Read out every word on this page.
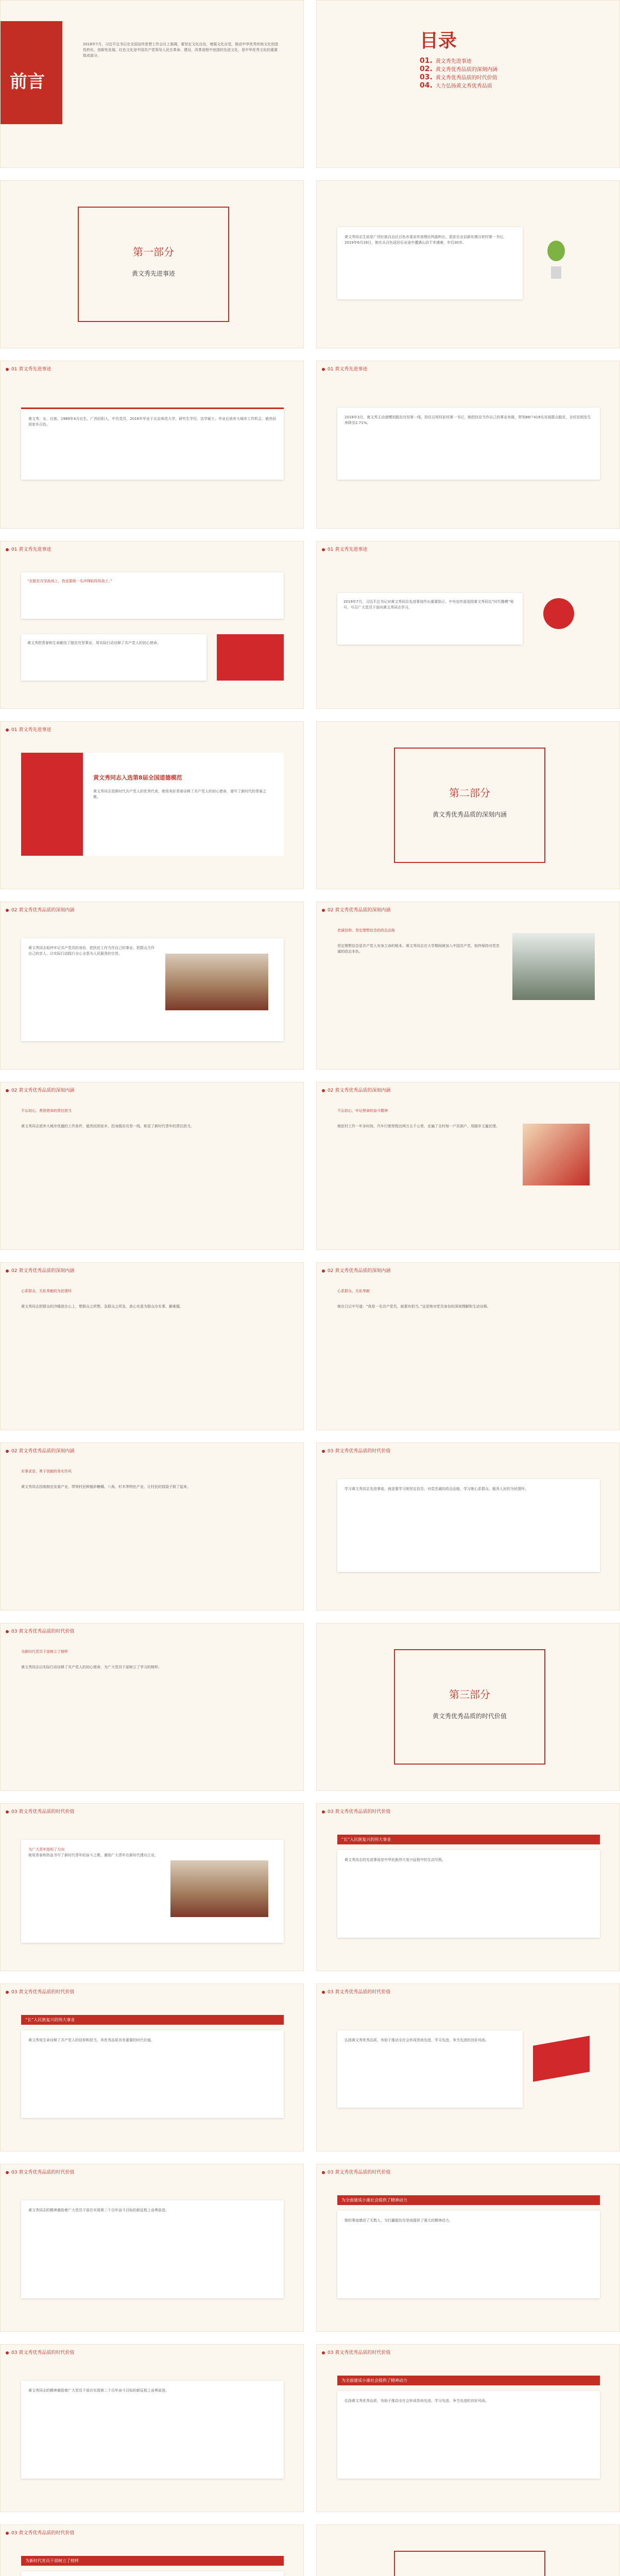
前言
2018年7月，习近平总书记在全国宣传思想工作会议上强调，要坚定文化自信，增强文化自觉，推动中华优秀传统文化创造性转化、创新性发展。红色文化是中国共产党领导人民在革命、建设、改革进程中创造的先进文化，是中华优秀文化的重要组成部分。
目录
01. 黄文秀先进事迹
02. 黄文秀优秀品质的深刻内涵
03. 黄文秀优秀品质的时代价值
04. 大力弘扬黄文秀优秀品质
第一部分
黄文秀先进事迹
黄文秀同志生前是广西壮族自治区百色市委宣传部理论科副科长、派驻乐业县新化镇百坭村第一书记。2019年6月16日，她在从百色返回乐业途中遭遇山洪不幸遇难，年仅30岁。
01 黄文秀先进事迹
黄文秀，女，壮族，1989年4月出生，广西田阳人，中共党员，2016年毕业于北京师范大学，研究生学历，法学硕士。毕业后放弃大城市工作机会，毅然回到家乡百色。
01 黄文秀先进事迹
2018年3月，黄文秀主动请缨到脱贫攻坚第一线，担任百坭村驻村第一书记，她把扶贫当作自己的事业来做，带领88户418名贫困群众脱贫，全村贫困发生率降至2.71%。
01 黄文秀先进事迹
“在脱贫攻坚战场上，我也要做一名冲锋陷阵的战士。”
黄文秀把青春和生命献给了脱贫攻坚事业，用实际行动诠释了共产党人的初心使命。
01 黄文秀先进事迹
2019年7月，习近平总书记对黄文秀同志先进事迹作出重要指示。中央宣传部追授黄文秀同志“时代楷模”称号，号召广大党员干部向黄文秀同志学习。
01 黄文秀先进事迹
黄文秀同志入选第8届全国道德模范
黄文秀同志是新时代共产党人的优秀代表，她用美好青春诠释了共产党人的初心使命，谱写了新时代的青春之歌。	第二部分
黄文秀优秀品质的深刻内涵
02 黄文秀优秀品质的深刻内涵
黄文秀同志始终牢记共产党员的身份，把扶贫工作当作自己的事业，把群众当作自己的亲人，以实际行动践行全心全意为人民服务的宗旨。
02 黄文秀优秀品质的深刻内涵
忠诚信仰、坚定理想信念的政治品格
坚定理想信念是共产党人安身立命的根本。黄文秀同志在大学期间就加入中国共产党，始终保持对党忠诚的政治本色。
02 黄文秀优秀品质的深刻内涵
不忘初心，勇担使命的责任担当
黄文秀同志放弃大城市优越的工作条件，毅然回到家乡，投身脱贫攻坚一线，彰显了新时代青年的责任担当。
02 黄文秀优秀品质的深刻内涵
不忘初心，牢记使命的奋斗精神
她驻村工作一年多时间，汽车行驶里程达两万五千公里，走遍了全村每一户贫困户，用脚步丈量民情。
02 黄文秀优秀品质的深刻内涵
心系群众，无私奉献的为民情怀
黄文秀同志把群众的冷暖放在心上，想群众之所想，急群众之所急，真心实意为群众办实事、解难题。
02 黄文秀优秀品质的深刻内涵
心系群众，无私奉献
她在日记中写道：“我是一名共产党员，就要有担当。”这是她对党员身份的深刻理解和生动诠释。
02 黄文秀优秀品质的深刻内涵
实事求是，勇于创新的务实作风
黄文秀同志因地制宜发展产业，带领村民种植砂糖橘、八角、杉木等特色产业，让村民的钱袋子鼓了起来。
03 黄文秀优秀品质的时代价值
学习黄文秀同志先进事迹，就是要学习她坚定信念、对党忠诚的政治品格，学习她心系群众、服务人民的为民情怀。
03 黄文秀优秀品质的时代价值
为新时代党员干部树立了榜样
黄文秀同志以实际行动诠释了共产党人的初心使命，为广大党员干部树立了学习的榜样。
第三部分
黄文秀优秀品质的时代价值
03 黄文秀优秀品质的时代价值
为广大青年指明了方向
她用青春和热血书写了新时代青年的奋斗之歌，激励广大青年在新时代建功立业。
03 黄文秀优秀品质的时代价值
“长”入民族复兴的伟大事业
黄文秀同志的先进事迹是中华民族伟大复兴征程中的生动写照。
03 黄文秀优秀品质的时代价值
“长”入民族复兴的伟大事业
黄文秀用生命诠释了共产党人的信仰和担当，其优秀品质具有重要的时代价值。
03 黄文秀优秀品质的时代价值
弘扬黄文秀优秀品质，有助于推动全社会形成崇尚先进、学习先进、争当先进的良好风尚。
03 黄文秀优秀品质的时代价值
黄文秀同志的精神激励着广大党员干部在实现第二个百年奋斗目标的新征程上奋勇前进。
03 黄文秀优秀品质的时代价值
为全面建成小康社会提供了精神动力
她的事迹感动了无数人，为打赢脱贫攻坚战提供了强大的精神动力。
03 黄文秀优秀品质的时代价值
黄文秀同志的精神激励着广大党员干部在实现第二个百年奋斗目标的新征程上奋勇前进。
03 黄文秀优秀品质的时代价值
为全面建成小康社会提供了精神动力
弘扬黄文秀优秀品质，有助于推动全社会形成崇尚先进、学习先进、争当先进的良好风尚。
03 黄文秀优秀品质的时代价值
为新时代党员干部树立了榜样
